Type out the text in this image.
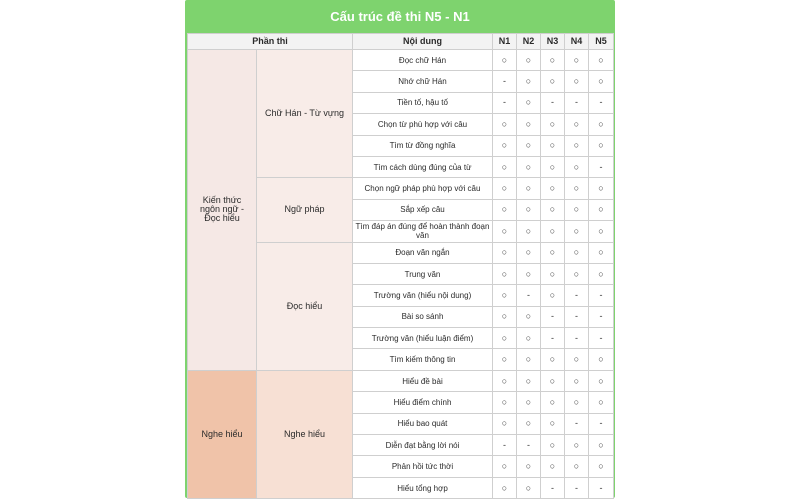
Cấu trúc đề thi N5 - N1
Phần thi		Nội dung	N1	N2	N3	N4	N5
Kiến thức ngôn ngữ - Đọc hiểu	Chữ Hán - Từ vựng	Đọc chữ Hán	○	○	○	○	○
		Nhớ chữ Hán	-	○	○	○	○
		Tiền tố, hậu tố	-	○	-	-	-
		Chọn từ phù hợp với câu	○	○	○	○	○
		Tìm từ đồng nghĩa	○	○	○	○	○
		Tìm cách dùng đúng của từ	○	○	○	○	-
	Ngữ pháp	Chọn ngữ pháp phù hợp với câu	○	○	○	○	○
		Sắp xếp câu	○	○	○	○	○
		Tìm đáp án đúng để hoàn thành đoạn văn	○	○	○	○	○
	Đọc hiểu	Đoạn văn ngắn	○	○	○	○	○
		Trung văn	○	○	○	○	○
		Trường văn (hiểu nội dung)	○	-	○	-	-
		Bài so sánh	○	○	-	-	-
		Trường văn (hiểu luận điểm)	○	○	-	-	-
		Tìm kiếm thông tin	○	○	○	○	○
Nghe hiểu	Nghe hiểu	Hiểu đề bài	○	○	○	○	○
		Hiểu điểm chính	○	○	○	○	○
		Hiểu bao quát	○	○	○	-	-
		Diễn đạt bằng lời nói	-	-	○	○	○
		Phản hồi tức thời	○	○	○	○	○
		Hiểu tổng hợp	○	○	-	-	-
